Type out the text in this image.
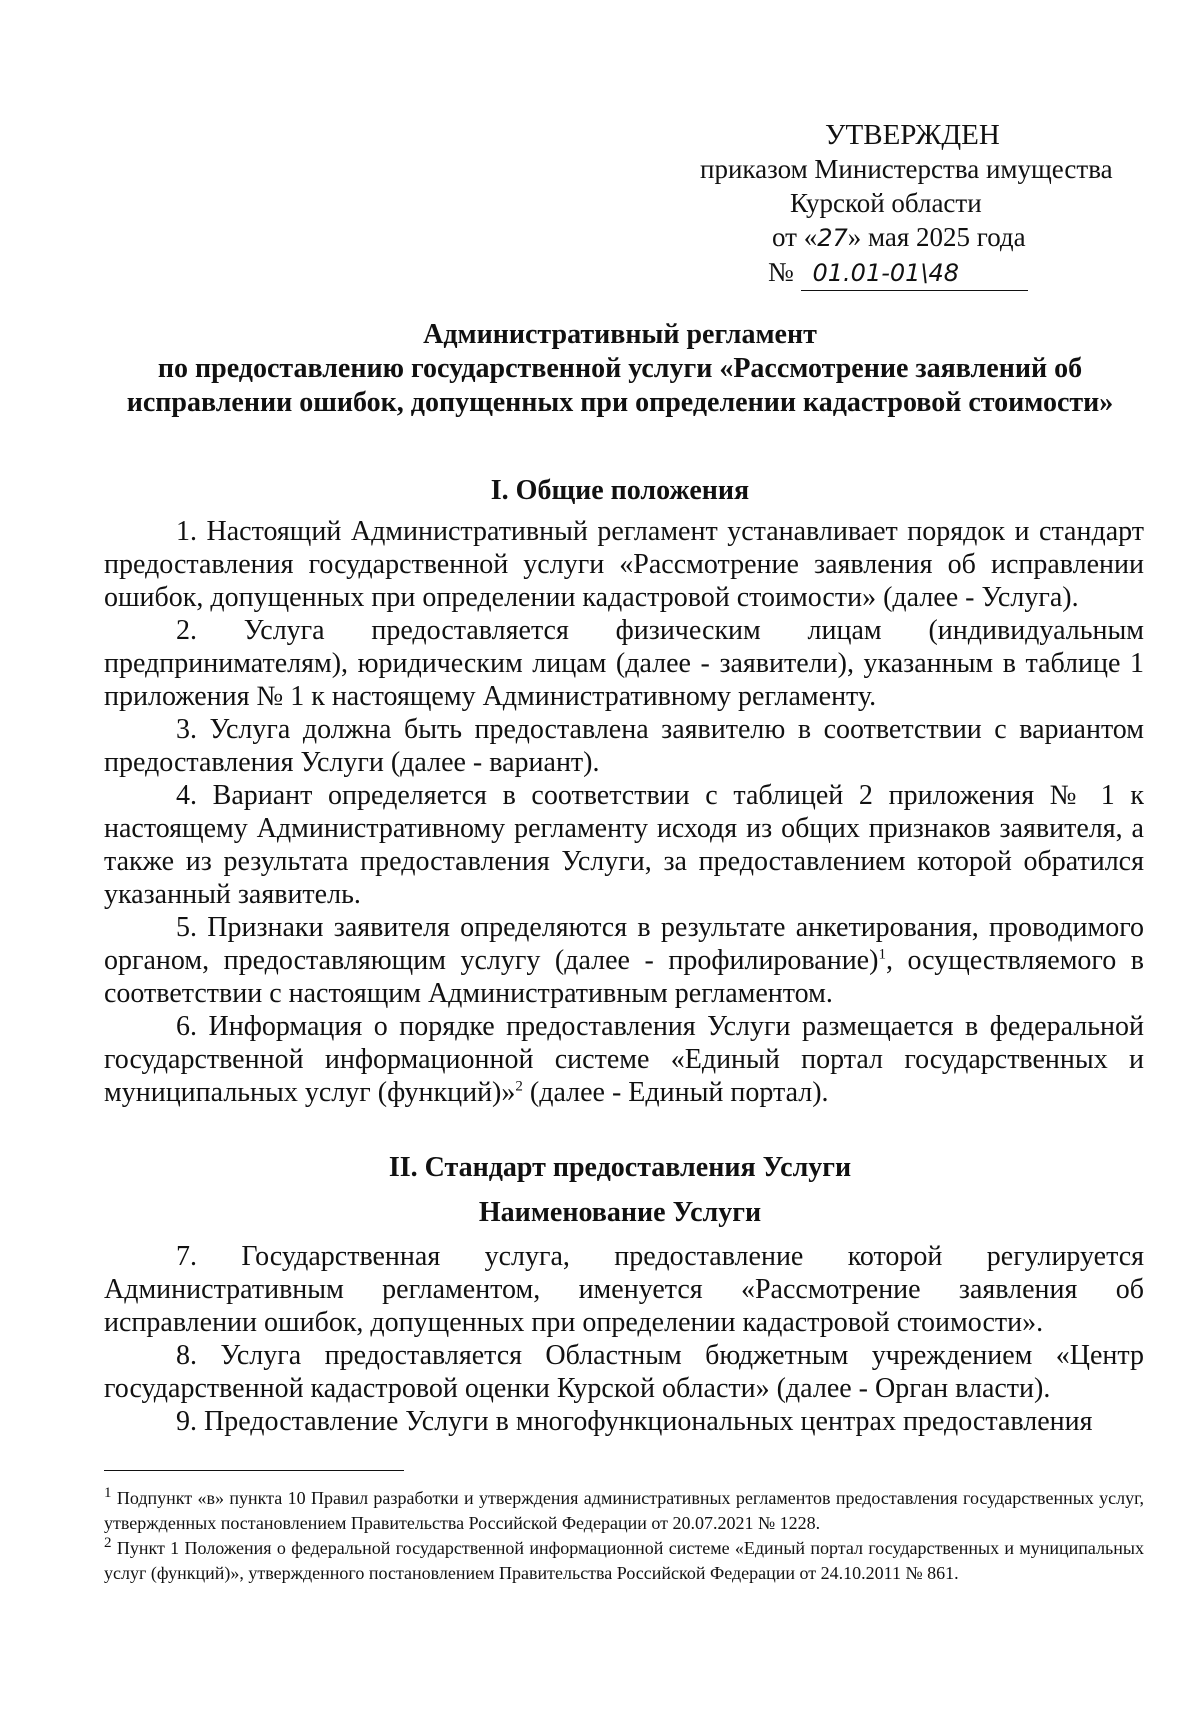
УТВЕРЖДЕН
приказом Министерства имущества
Курской области
от «27» мая 2025 года
№ 01.01-01\48
Административный регламент
по предоставлению государственной услуги «Рассмотрение заявлений об
исправлении ошибок, допущенных при определении кадастровой стоимости»
I. Общие положения

1. Настоящий Административный регламент устанавливает порядок и стандарт предоставления государственной услуги «Рассмотрение заявления об исправлении ошибок, допущенных при определении кадастровой стоимости» (далее - Услуга).

2. Услуга предоставляется физическим лицам (индивидуальным предпринимателям), юридическим лицам (далее - заявители), указанным в таблице 1 приложения № 1 к настоящему Административному регламенту.

3. Услуга должна быть предоставлена заявителю в соответствии с вариантом предоставления Услуги (далее - вариант).

4. Вариант определяется в соответствии с таблицей 2 приложения № 1 к настоящему Административному регламенту исходя из общих признаков заявителя, а также из результата предоставления Услуги, за предоставлением которой обратился указанный заявитель.

5. Признаки заявителя определяются в результате анкетирования, проводимого органом, предоставляющим услугу (далее - профилирование)$^1$, осуществляемого в соответствии с настоящим Административным регламентом.

6. Информация о порядке предоставления Услуги размещается в федеральной государственной информационной системе «Единый портал государственных и муниципальных услуг (функций)»$^2$ (далее - Единый портал).

II. Стандарт предоставления Услуги
Наименование Услуги

7. Государственная услуга, предоставление которой регулируется Административным регламентом, именуется «Рассмотрение заявления об исправлении ошибок, допущенных при определении кадастровой стоимости».

8. Услуга предоставляется Областным бюджетным учреждением «Центр государственной кадастровой оценки Курской области» (далее - Орган власти).

9. Предоставление Услуги в многофункциональных центрах предоставления

$^1$ Подпункт «в» пункта 10 Правил разработки и утверждения административных регламентов предоставления государственных услуг, утвержденных постановлением Правительства Российской Федерации от 20.07.2021 № 1228.

$^2$ Пункт 1 Положения о федеральной государственной информационной системе «Единый портал государственных и муниципальных услуг (функций)», утвержденного постановлением Правительства Российской Федерации от 24.10.2011 № 861.
